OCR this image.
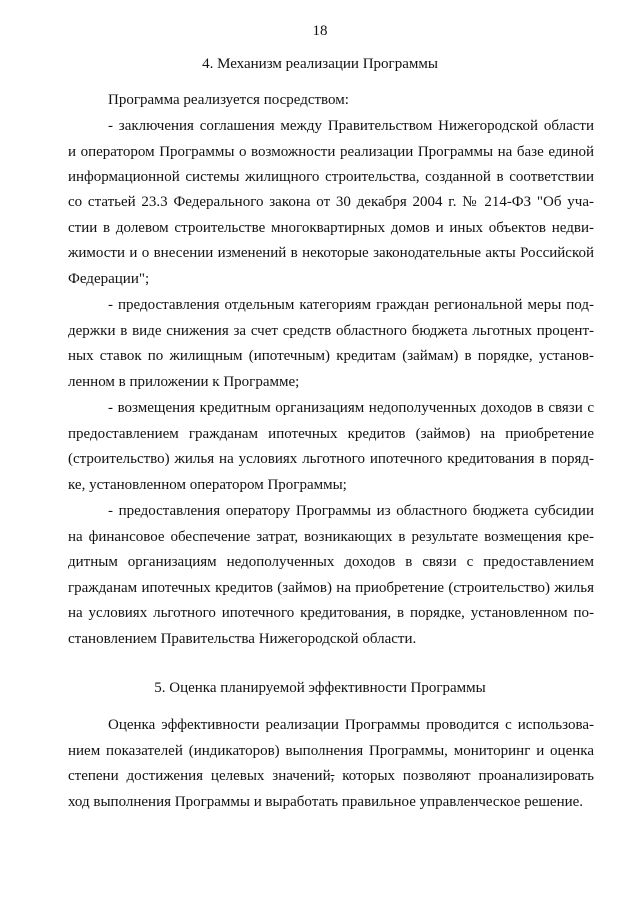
18
4. Механизм реализации Программы
Программа реализуется посредством:
- заключения соглашения между Правительством Нижегородской области
и оператором Программы о возможности реализации Программы на базе единой
информационной системы жилищного строительства, созданной в соответствии
со статьей 23.3 Федерального закона от 30 декабря 2004 г. № 214-ФЗ "Об уча-
стии в долевом строительстве многоквартирных домов и иных объектов недви-
жимости и о внесении изменений в некоторые законодательные акты Российской
Федерации";
- предоставления отдельным категориям граждан региональной меры под-
держки в виде снижения за счет средств областного бюджета льготных процент-
ных ставок по жилищным (ипотечным) кредитам (займам) в порядке, установ-
ленном в приложении к Программе;
- возмещения кредитным организациям недополученных доходов в связи с
предоставлением гражданам ипотечных кредитов (займов) на приобретение
(строительство) жилья на условиях льготного ипотечного кредитования в поряд-
ке, установленном оператором Программы;
- предоставления оператору Программы из областного бюджета субсидии
на финансовое обеспечение затрат, возникающих в результате возмещения кре-
дитным организациям недополученных доходов в связи с предоставлением
гражданам ипотечных кредитов (займов) на приобретение (строительство) жилья
на условиях льготного ипотечного кредитования, в порядке, установленном по-
становлением Правительства Нижегородской области.
5. Оценка планируемой эффективности Программы
Оценка эффективности реализации Программы проводится с использова-
нием показателей (индикаторов) выполнения Программы, мониторинг и оценка
степени достижения целевых значений, которых позволяют проанализировать
ход выполнения Программы и выработать правильное управленческое решение.
